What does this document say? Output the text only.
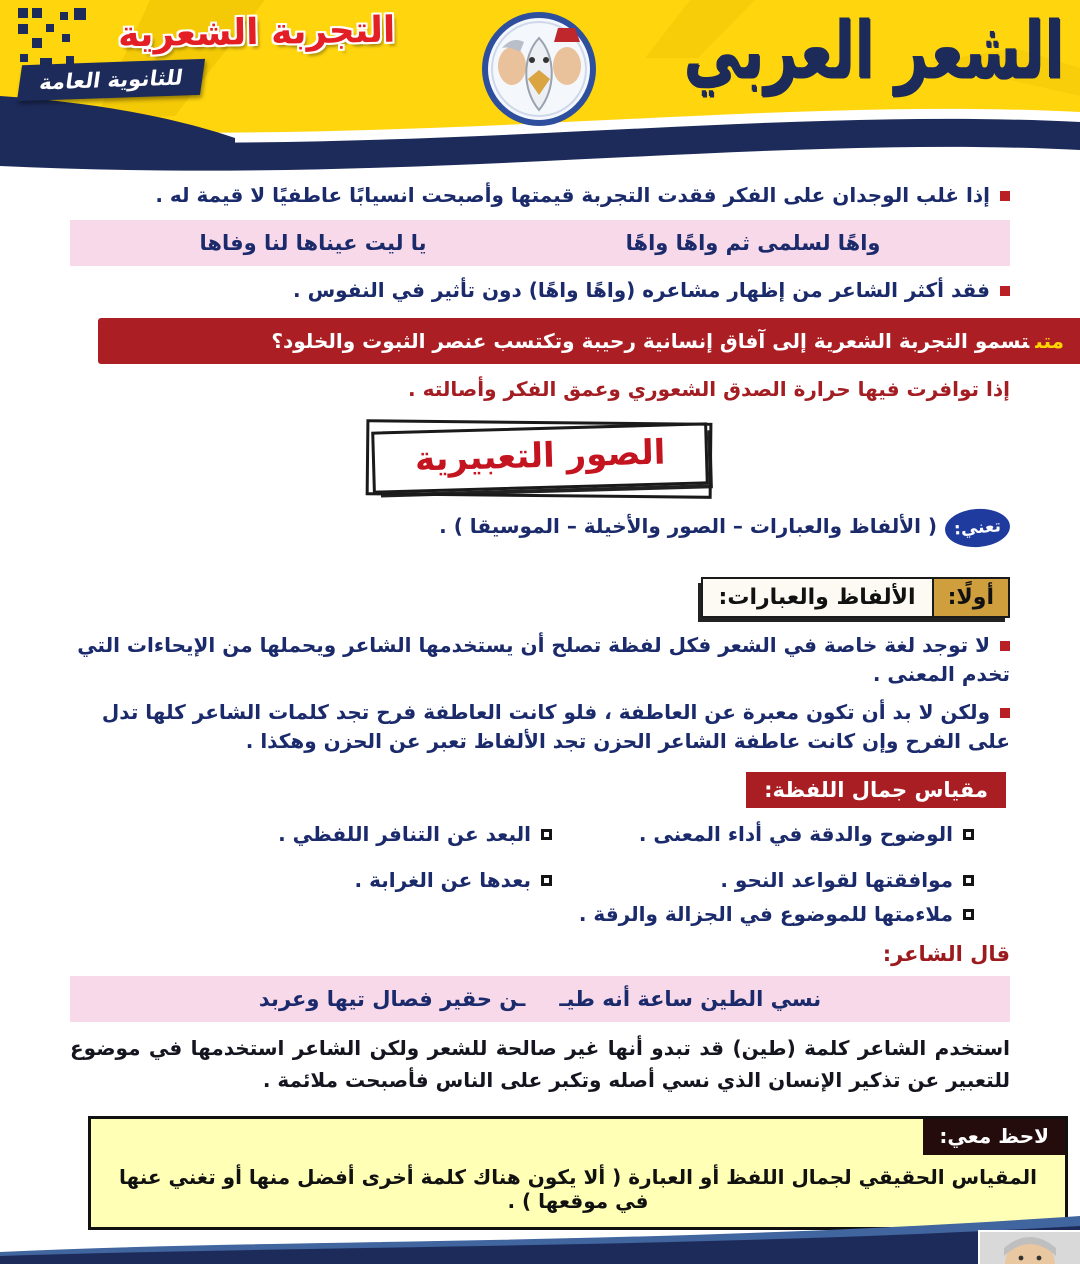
التجربة الشعرية
للثانوية العامة	الشعر العربي

إذا غلب الوجدان على الفكر فقدت التجربة قيمتها وأصبحت انسيابًا عاطفيًا لا قيمة له .

واهًا لسلمى ثم واهًا واهًا
يا ليت عيناها لنا وفاها

فقد أكثر الشاعر من إظهار مشاعره (واهًا واهًا) دون تأثير في النفوس .

متىتسمو التجربة الشعرية إلى آفاق إنسانية رحيبة وتكتسب عنصر الثبوت والخلود؟

إذا توافرت فيها حرارة الصدق الشعوري وعمق الفكر وأصالته .

الصور التعبيرية

تعني:( الألفاظ والعبارات – الصور والأخيلة – الموسيقا ) .

أولًا:
الألفاظ والعبارات:

لا توجد لغة خاصة في الشعر فكل لفظة تصلح أن يستخدمها الشاعر ويحملها من الإيحاءات التي تخدم المعنى .

ولكن لا بد أن تكون معبرة عن العاطفة ، فلو كانت العاطفة فرح تجد كلمات الشاعر كلها تدل على الفرح وإن كانت عاطفة الشاعر الحزن تجد الألفاظ تعبر عن الحزن وهكذا .

مقياس جمال اللفظة:
الوضوح والدقة في أداء المعنى .
البعد عن التنافر اللفظي .
موافقتها لقواعد النحو .
بعدها عن الغرابة .
ملاءمتها للموضوع في الجزالة والرقة .

قال الشاعر:

نسي الطين ساعة أنه طيـ
ـن حقير فصال تيها وعربد

استخدم الشاعر كلمة (طين) قد تبدو أنها غير صالحة للشعر ولكن الشاعر استخدمها في موضوع للتعبير عن تذكير الإنسان الذي نسي أصله وتكبر على الناس فأصبحت ملائمة .

لاحظ معي:
المقياس الحقيقي لجمال اللفظ أو العبارة ( ألا يكون هناك كلمة أخرى أفضل منها أو تغني عنها في موقعها ) .
